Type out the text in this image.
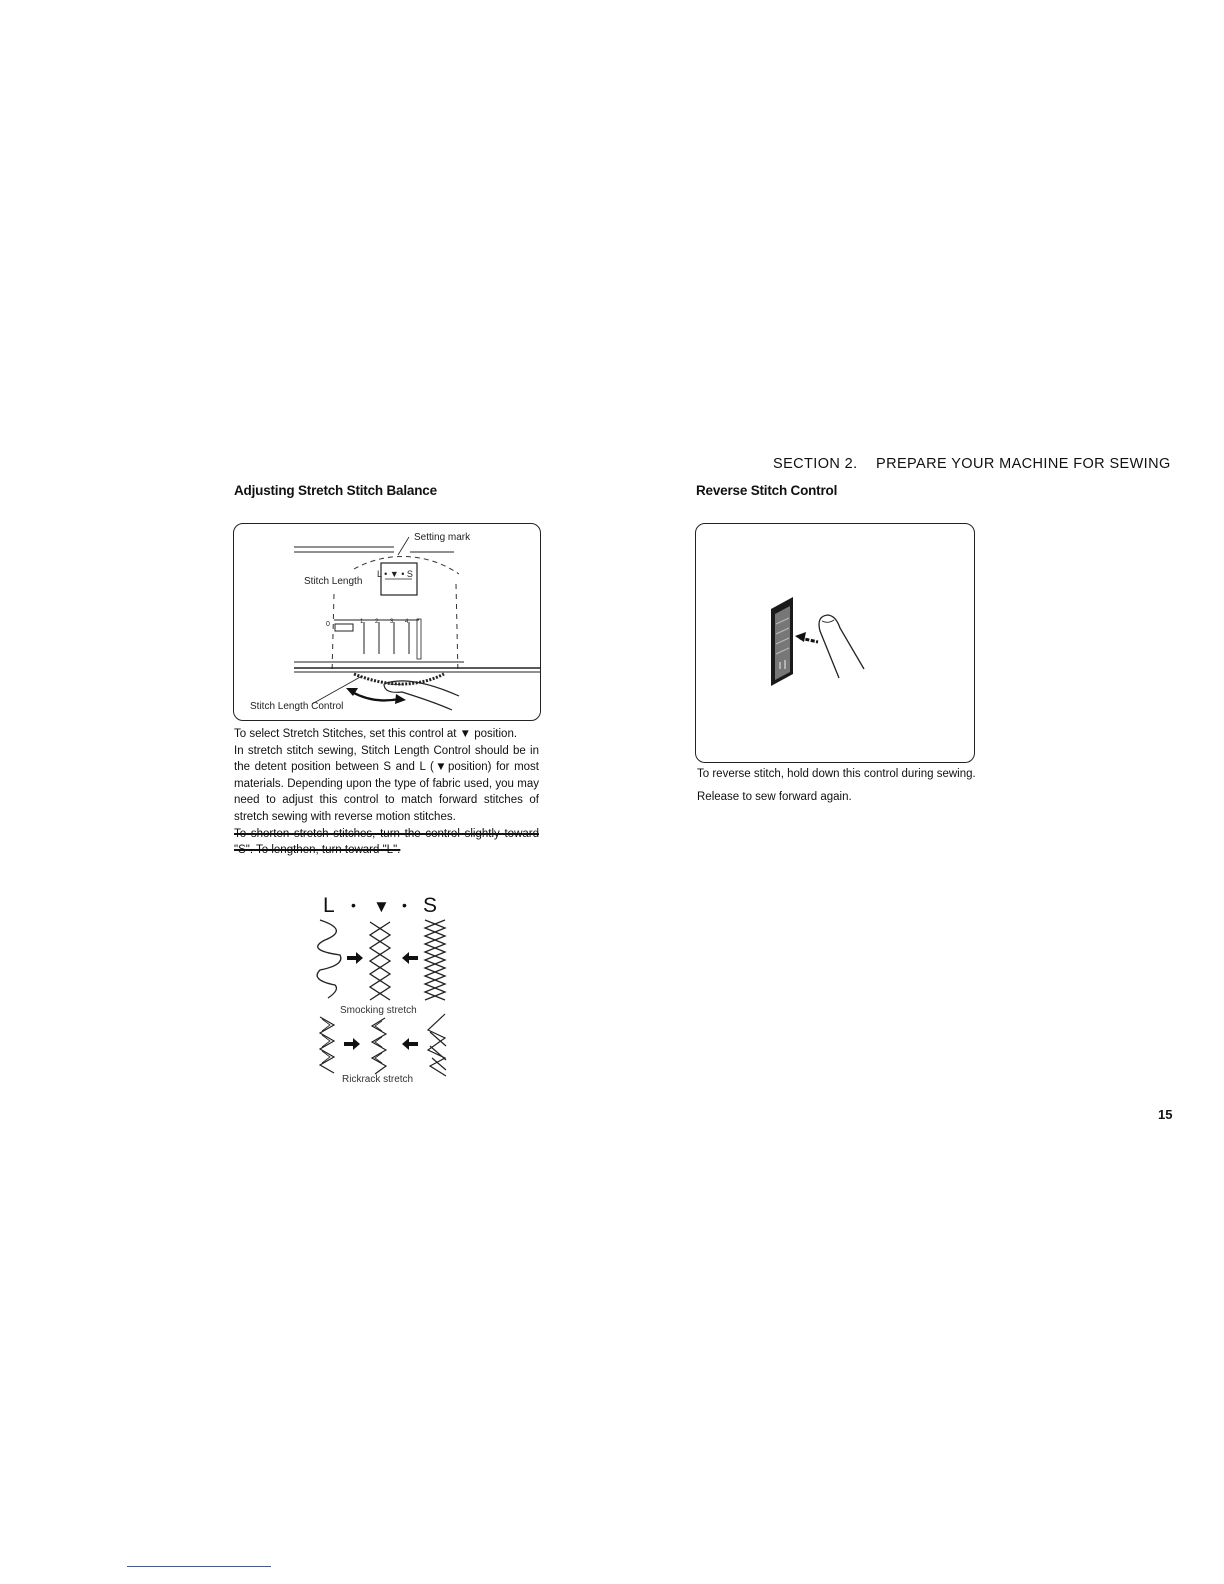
SECTION 2. PREPARE YOUR MACHINE FOR SEWING
Adjusting Stretch Stitch Balance
Setting mark
Stitch Length
L • ▼ • S
0	1 2 3 4
Stitch Length Control

To select Stretch Stitches, set this control at ▼ position.

In stretch stitch sewing, Stitch Length Control should be in the detent position between S and L (▼position) for most materials. Depending upon the type of fabric used, you may need to adjust this control to match forward stitches of stretch sewing with reverse motion stitches.

To shorten stretch stitches, turn the control slightly toward "S". To lengthen, turn toward "L".

L • ▼ • S
Smocking stretch
Rickrack stretch
Reverse Stitch Control

To reverse stitch, hold down this control during sewing.

Release to sew forward again.

15
